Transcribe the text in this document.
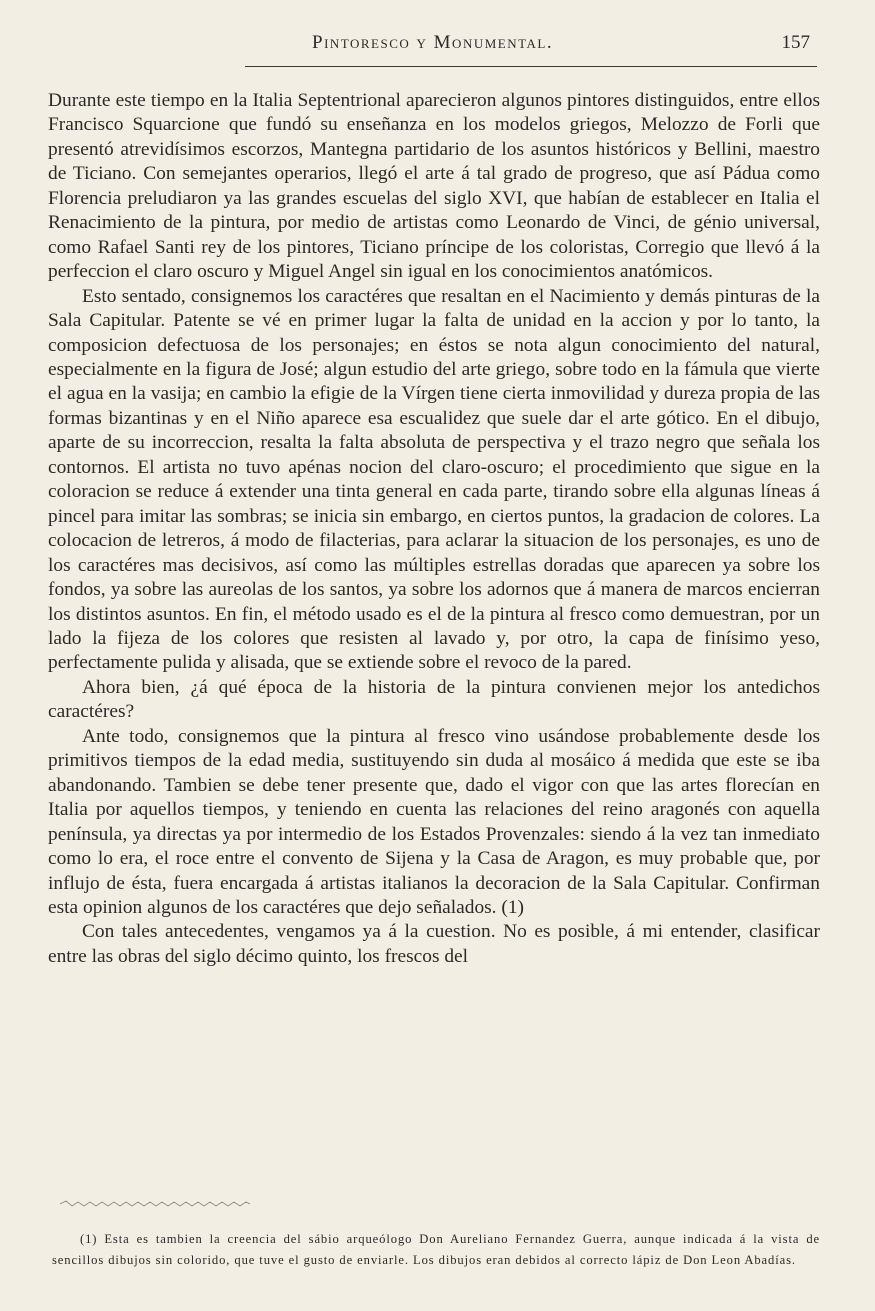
Pintoresco y Monumental.	157

Durante este tiempo en la Italia Septentrional aparecieron algunos pintores distinguidos, entre ellos Francisco Squarcione que fundó su enseñanza en los modelos griegos, Melozzo de Forli que presentó atrevidísimos escorzos, Mantegna partidario de los asuntos históricos y Bellini, maestro de Ticiano. Con semejantes operarios, llegó el arte á tal grado de progreso, que así Pádua como Florencia preludiaron ya las grandes escuelas del siglo XVI, que habían de establecer en Italia el Renacimiento de la pintura, por medio de artistas como Leonardo de Vinci, de génio universal, como Rafael Santi rey de los pintores, Ticiano príncipe de los coloristas, Corregio que llevó á la perfeccion el claro oscuro y Miguel Angel sin igual en los conocimientos anatómicos.

Esto sentado, consignemos los caractéres que resaltan en el Nacimiento y demás pinturas de la Sala Capitular. Patente se vé en primer lugar la falta de unidad en la accion y por lo tanto, la composicion defectuosa de los personajes; en éstos se nota algun conocimiento del natural, especialmente en la figura de José; algun estudio del arte griego, sobre todo en la fámula que vierte el agua en la vasija; en cambio la efigie de la Vírgen tiene cierta inmovilidad y dureza propia de las formas bizantinas y en el Niño aparece esa escualidez que suele dar el arte gótico. En el dibujo, aparte de su incorreccion, resalta la falta absoluta de perspectiva y el trazo negro que señala los contornos. El artista no tuvo apénas nocion del claro-oscuro; el procedimiento que sigue en la coloracion se reduce á extender una tinta general en cada parte, tirando sobre ella algunas líneas á pincel para imitar las sombras; se inicia sin embargo, en ciertos puntos, la gradacion de colores. La colocacion de letreros, á modo de filacterias, para aclarar la situacion de los personajes, es uno de los caractéres mas decisivos, así como las múltiples estrellas doradas que aparecen ya sobre los fondos, ya sobre las aureolas de los santos, ya sobre los adornos que á manera de marcos encierran los distintos asuntos. En fin, el método usado es el de la pintura al fresco como demuestran, por un lado la fijeza de los colores que resisten al lavado y, por otro, la capa de finísimo yeso, perfectamente pulida y alisada, que se extiende sobre el revoco de la pared.

Ahora bien, ¿á qué época de la historia de la pintura convienen mejor los antedichos caractéres?

Ante todo, consignemos que la pintura al fresco vino usándose probablemente desde los primitivos tiempos de la edad media, sustituyendo sin duda al mosáico á medida que este se iba abandonando. Tambien se debe tener presente que, dado el vigor con que las artes florecían en Italia por aquellos tiempos, y teniendo en cuenta las relaciones del reino aragonés con aquella península, ya directas ya por intermedio de los Estados Provenzales: siendo á la vez tan inmediato como lo era, el roce entre el convento de Sijena y la Casa de Aragon, es muy probable que, por influjo de ésta, fuera encargada á artistas italianos la decoracion de la Sala Capitular. Confirman esta opinion algunos de los caractéres que dejo señalados. (1)

Con tales antecedentes, vengamos ya á la cuestion. No es posible, á mi entender, clasificar entre las obras del siglo décimo quinto, los frescos del

(1) Esta es tambien la creencia del sábio arqueólogo Don Aureliano Fernandez Guerra, aunque indicada á la vista de sencillos dibujos sin colorido, que tuve el gusto de enviarle. Los dibujos eran debidos al correcto lápiz de Don Leon Abadías.
